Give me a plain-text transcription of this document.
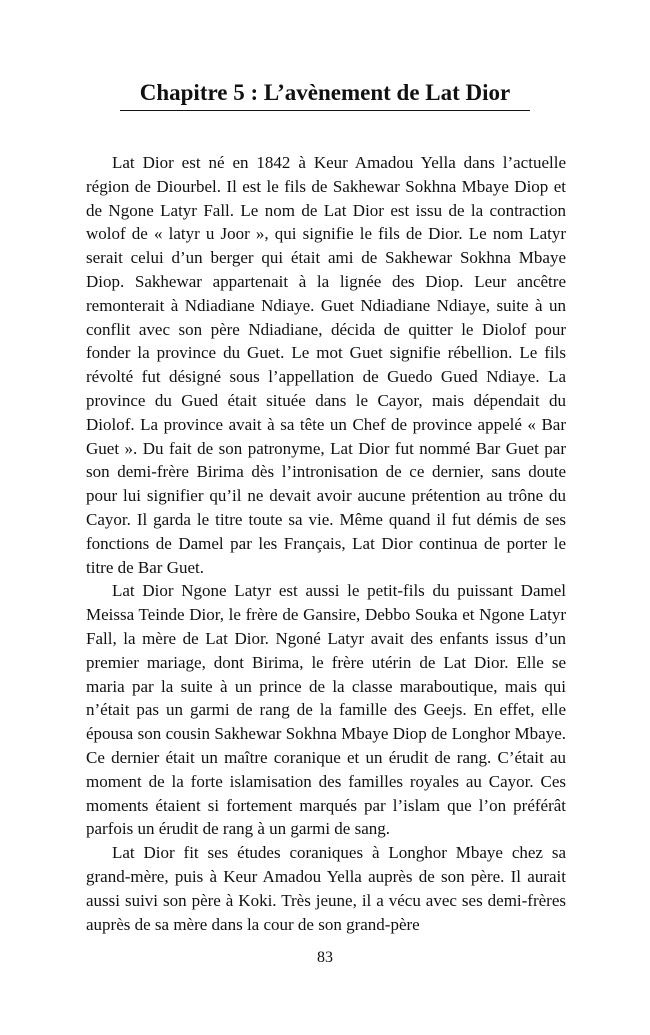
Chapitre 5 : L’avènement de Lat Dior

Lat Dior est né en 1842 à Keur Amadou Yella dans l’actuelle région de Diourbel. Il est le fils de Sakhewar Sokhna Mbaye Diop et de Ngone Latyr Fall. Le nom de Lat Dior est issu de la contraction wolof de « latyr u Joor », qui signifie le fils de Dior. Le nom Latyr serait celui d’un berger qui était ami de Sakhewar Sokhna Mbaye Diop. Sakhewar appartenait à la lignée des Diop. Leur ancêtre remonterait à Ndiadiane Ndiaye. Guet Ndiadiane Ndiaye, suite à un conflit avec son père Ndiadiane, décida de quitter le Diolof pour fonder la province du Guet. Le mot Guet signifie rébellion. Le fils révolté fut désigné sous l’appellation de Guedo Gued Ndiaye. La province du Gued était située dans le Cayor, mais dépendait du Diolof. La province avait à sa tête un Chef de province appelé « Bar Guet ». Du fait de son patronyme, Lat Dior fut nommé Bar Guet par son demi-frère Birima dès l’intronisation de ce dernier, sans doute pour lui signifier qu’il ne devait avoir aucune prétention au trône du Cayor. Il garda le titre toute sa vie. Même quand il fut démis de ses fonctions de Damel par les Français, Lat Dior continua de porter le titre de Bar Guet.

Lat Dior Ngone Latyr est aussi le petit-fils du puissant Damel Meissa Teinde Dior, le frère de Gansire, Debbo Souka et Ngone Latyr Fall, la mère de Lat Dior. Ngoné Latyr avait des enfants issus d’un premier mariage, dont Birima, le frère utérin de Lat Dior. Elle se maria par la suite à un prince de la classe maraboutique, mais qui n’était pas un garmi de rang de la famille des Geejs. En effet, elle épousa son cousin Sakhewar Sokhna Mbaye Diop de Longhor Mbaye. Ce dernier était un maître coranique et un érudit de rang. C’était au moment de la forte islamisation des familles royales au Cayor. Ces moments étaient si fortement marqués par l’islam que l’on préférât parfois un érudit de rang à un garmi de sang.

Lat Dior fit ses études coraniques à Longhor Mbaye chez sa grand-mère, puis à Keur Amadou Yella auprès de son père. Il aurait aussi suivi son père à Koki. Très jeune, il a vécu avec ses demi-frères auprès de sa mère dans la cour de son grand-père

83
